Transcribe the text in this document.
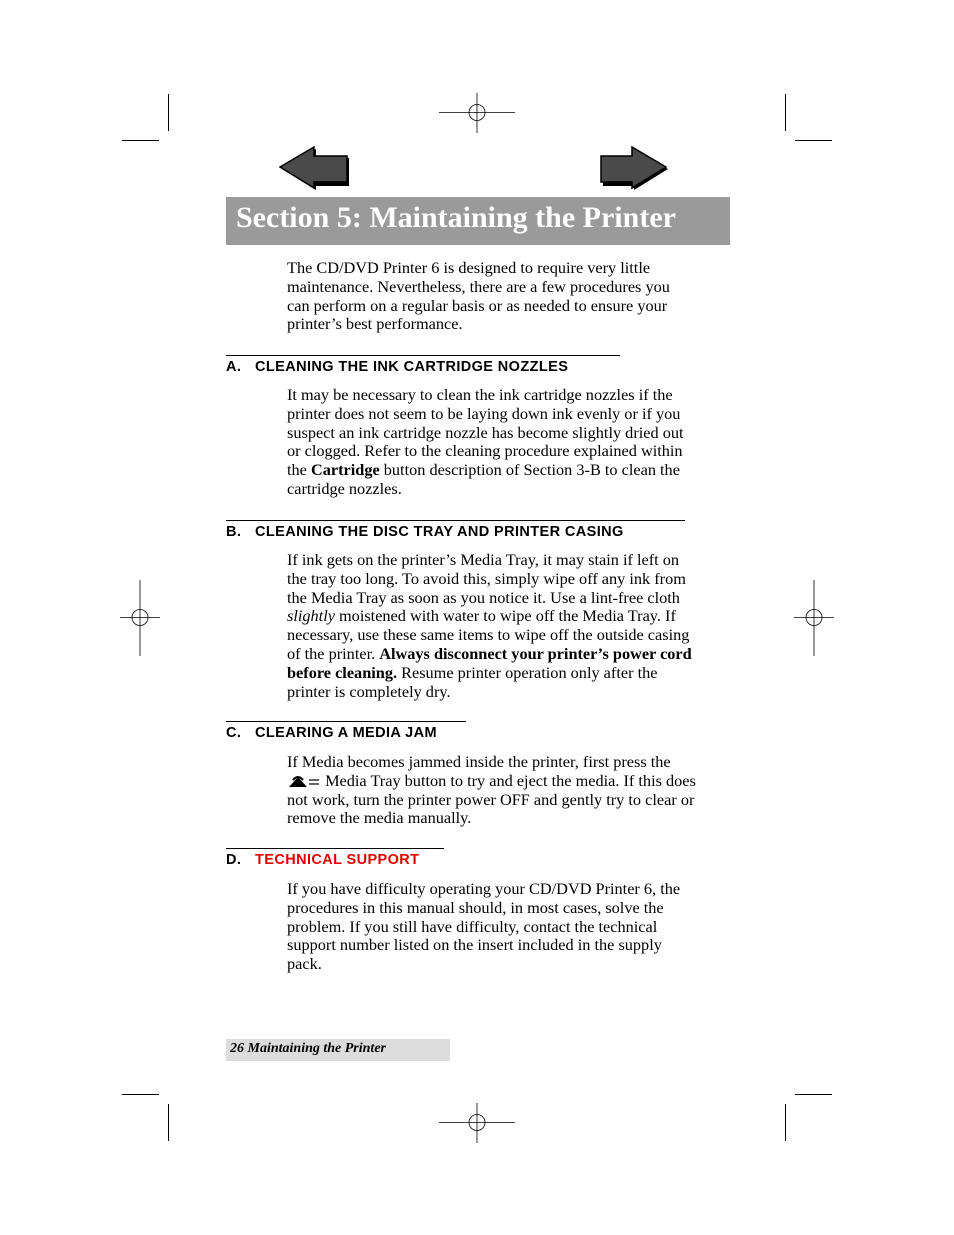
Section 5: Maintaining the Printer
The CD/DVD Printer 6 is designed to require very little
maintenance. Nevertheless, there are a few procedures you
can perform on a regular basis or as needed to ensure your
printer’s best performance.
A. CLEANING THE INK CARTRIDGE NOZZLES
It may be necessary to clean the ink cartridge nozzles if the
printer does not seem to be laying down ink evenly or if you
suspect an ink cartridge nozzle has become slightly dried out
or clogged. Refer to the cleaning procedure explained within
the Cartridge button description of Section 3-B to clean the
cartridge nozzles.
B. CLEANING THE DISC TRAY AND PRINTER CASING
If ink gets on the printer’s Media Tray, it may stain if left on
the tray too long. To avoid this, simply wipe off any ink from
the Media Tray as soon as you notice it. Use a lint-free cloth
slightly moistened with water to wipe off the Media Tray. If
necessary, use these same items to wipe off the outside casing
of the printer. Always disconnect your printer’s power cord
before cleaning. Resume printer operation only after the
printer is completely dry.
C. CLEARING A MEDIA JAM
If Media becomes jammed inside the printer, first press the
Media Tray button to try and eject the media. If this does
not work, turn the printer power OFF and gently try to clear or
remove the media manually.
D. TECHNICAL SUPPORT
If you have difficulty operating your CD/DVD Printer 6, the
procedures in this manual should, in most cases, solve the
problem. If you still have difficulty, contact the technical
support number listed on the insert included in the supply
pack.
26 Maintaining the Printer
